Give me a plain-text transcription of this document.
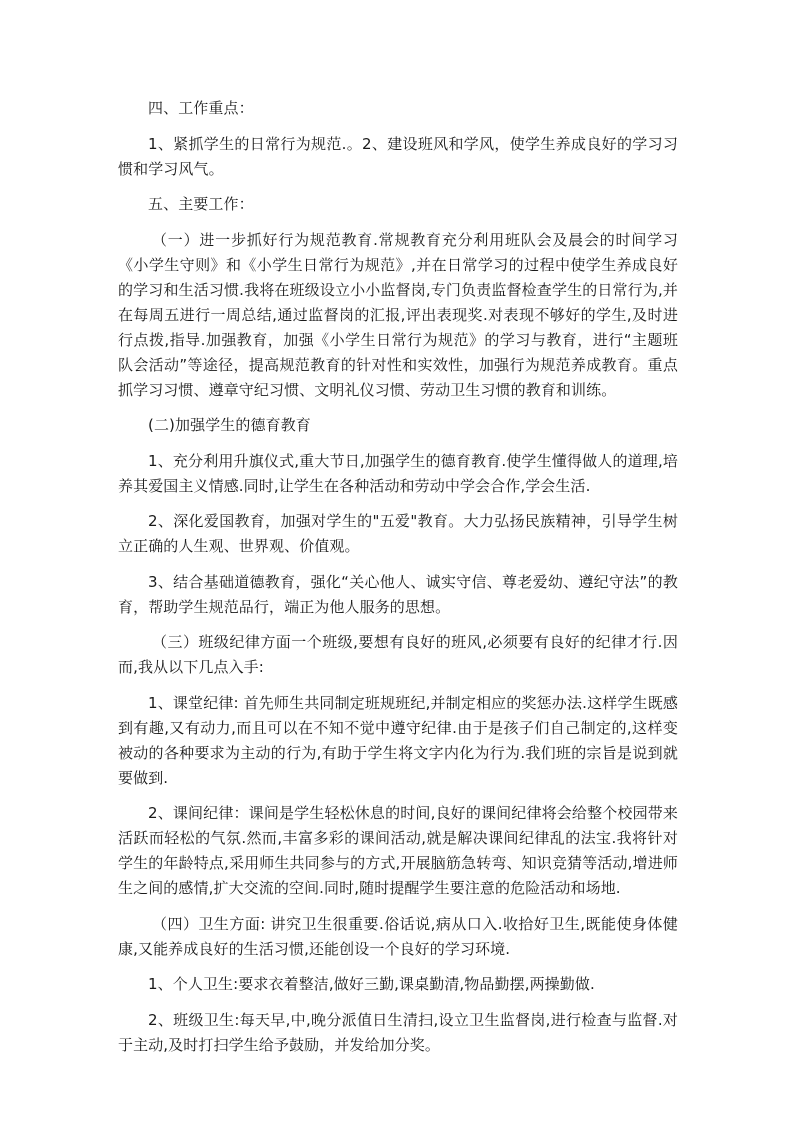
四、工作重点：

1、紧抓学生的日常行为规范.。2、建设班风和学风，使学生养成良好的学习习惯和学习风气。

五、主要工作：

（一）进一步抓好行为规范教育.常规教育充分利用班队会及晨会的时间学习《小学生守则》和《小学生日常行为规范》,并在日常学习的过程中使学生养成良好的学习和生活习惯.我将在班级设立小小监督岗,专门负责监督检查学生的日常行为,并在每周五进行一周总结,通过监督岗的汇报,评出表现奖.对表现不够好的学生,及时进行点拨,指导.加强教育，加强《小学生日常行为规范》的学习与教育，进行“主题班队会活动”等途径，提高规范教育的针对性和实效性，加强行为规范养成教育。重点抓学习习惯、遵章守纪习惯、文明礼仪习惯、劳动卫生习惯的教育和训练。

(二)加强学生的德育教育

1、充分利用升旗仪式,重大节日,加强学生的德育教育.使学生懂得做人的道理,培养其爱国主义情感.同时,让学生在各种活动和劳动中学会合作,学会生活.

2、深化爱国教育，加强对学生的"五爱"教育。大力弘扬民族精神，引导学生树立正确的人生观、世界观、价值观。

3、结合基础道德教育，强化“关心他人、诚实守信、尊老爱幼、遵纪守法”的教育，帮助学生规范品行，端正为他人服务的思想。

（三）班级纪律方面一个班级,要想有良好的班风,必须要有良好的纪律才行.因而,我从以下几点入手:

1、课堂纪律: 首先师生共同制定班规班纪,并制定相应的奖惩办法.这样学生既感到有趣,又有动力,而且可以在不知不觉中遵守纪律.由于是孩子们自己制定的,这样变被动的各种要求为主动的行为,有助于学生将文字内化为行为.我们班的宗旨是说到就要做到.

2、课间纪律：课间是学生轻松休息的时间,良好的课间纪律将会给整个校园带来活跃而轻松的气氛.然而,丰富多彩的课间活动,就是解决课间纪律乱的法宝.我将针对学生的年龄特点,采用师生共同参与的方式,开展脑筋急转弯、知识竞猜等活动,增进师生之间的感情,扩大交流的空间.同时,随时提醒学生要注意的危险活动和场地.

（四）卫生方面: 讲究卫生很重要.俗话说,病从口入.收拾好卫生,既能使身体健康,又能养成良好的生活习惯,还能创设一个良好的学习环境.

1、个人卫生:要求衣着整洁,做好三勤,课桌勤清,物品勤摆,两操勤做.

2、班级卫生:每天早,中,晚分派值日生清扫,设立卫生监督岗,进行检查与监督.对于主动,及时打扫学生给予鼓励，并发给加分奖。
